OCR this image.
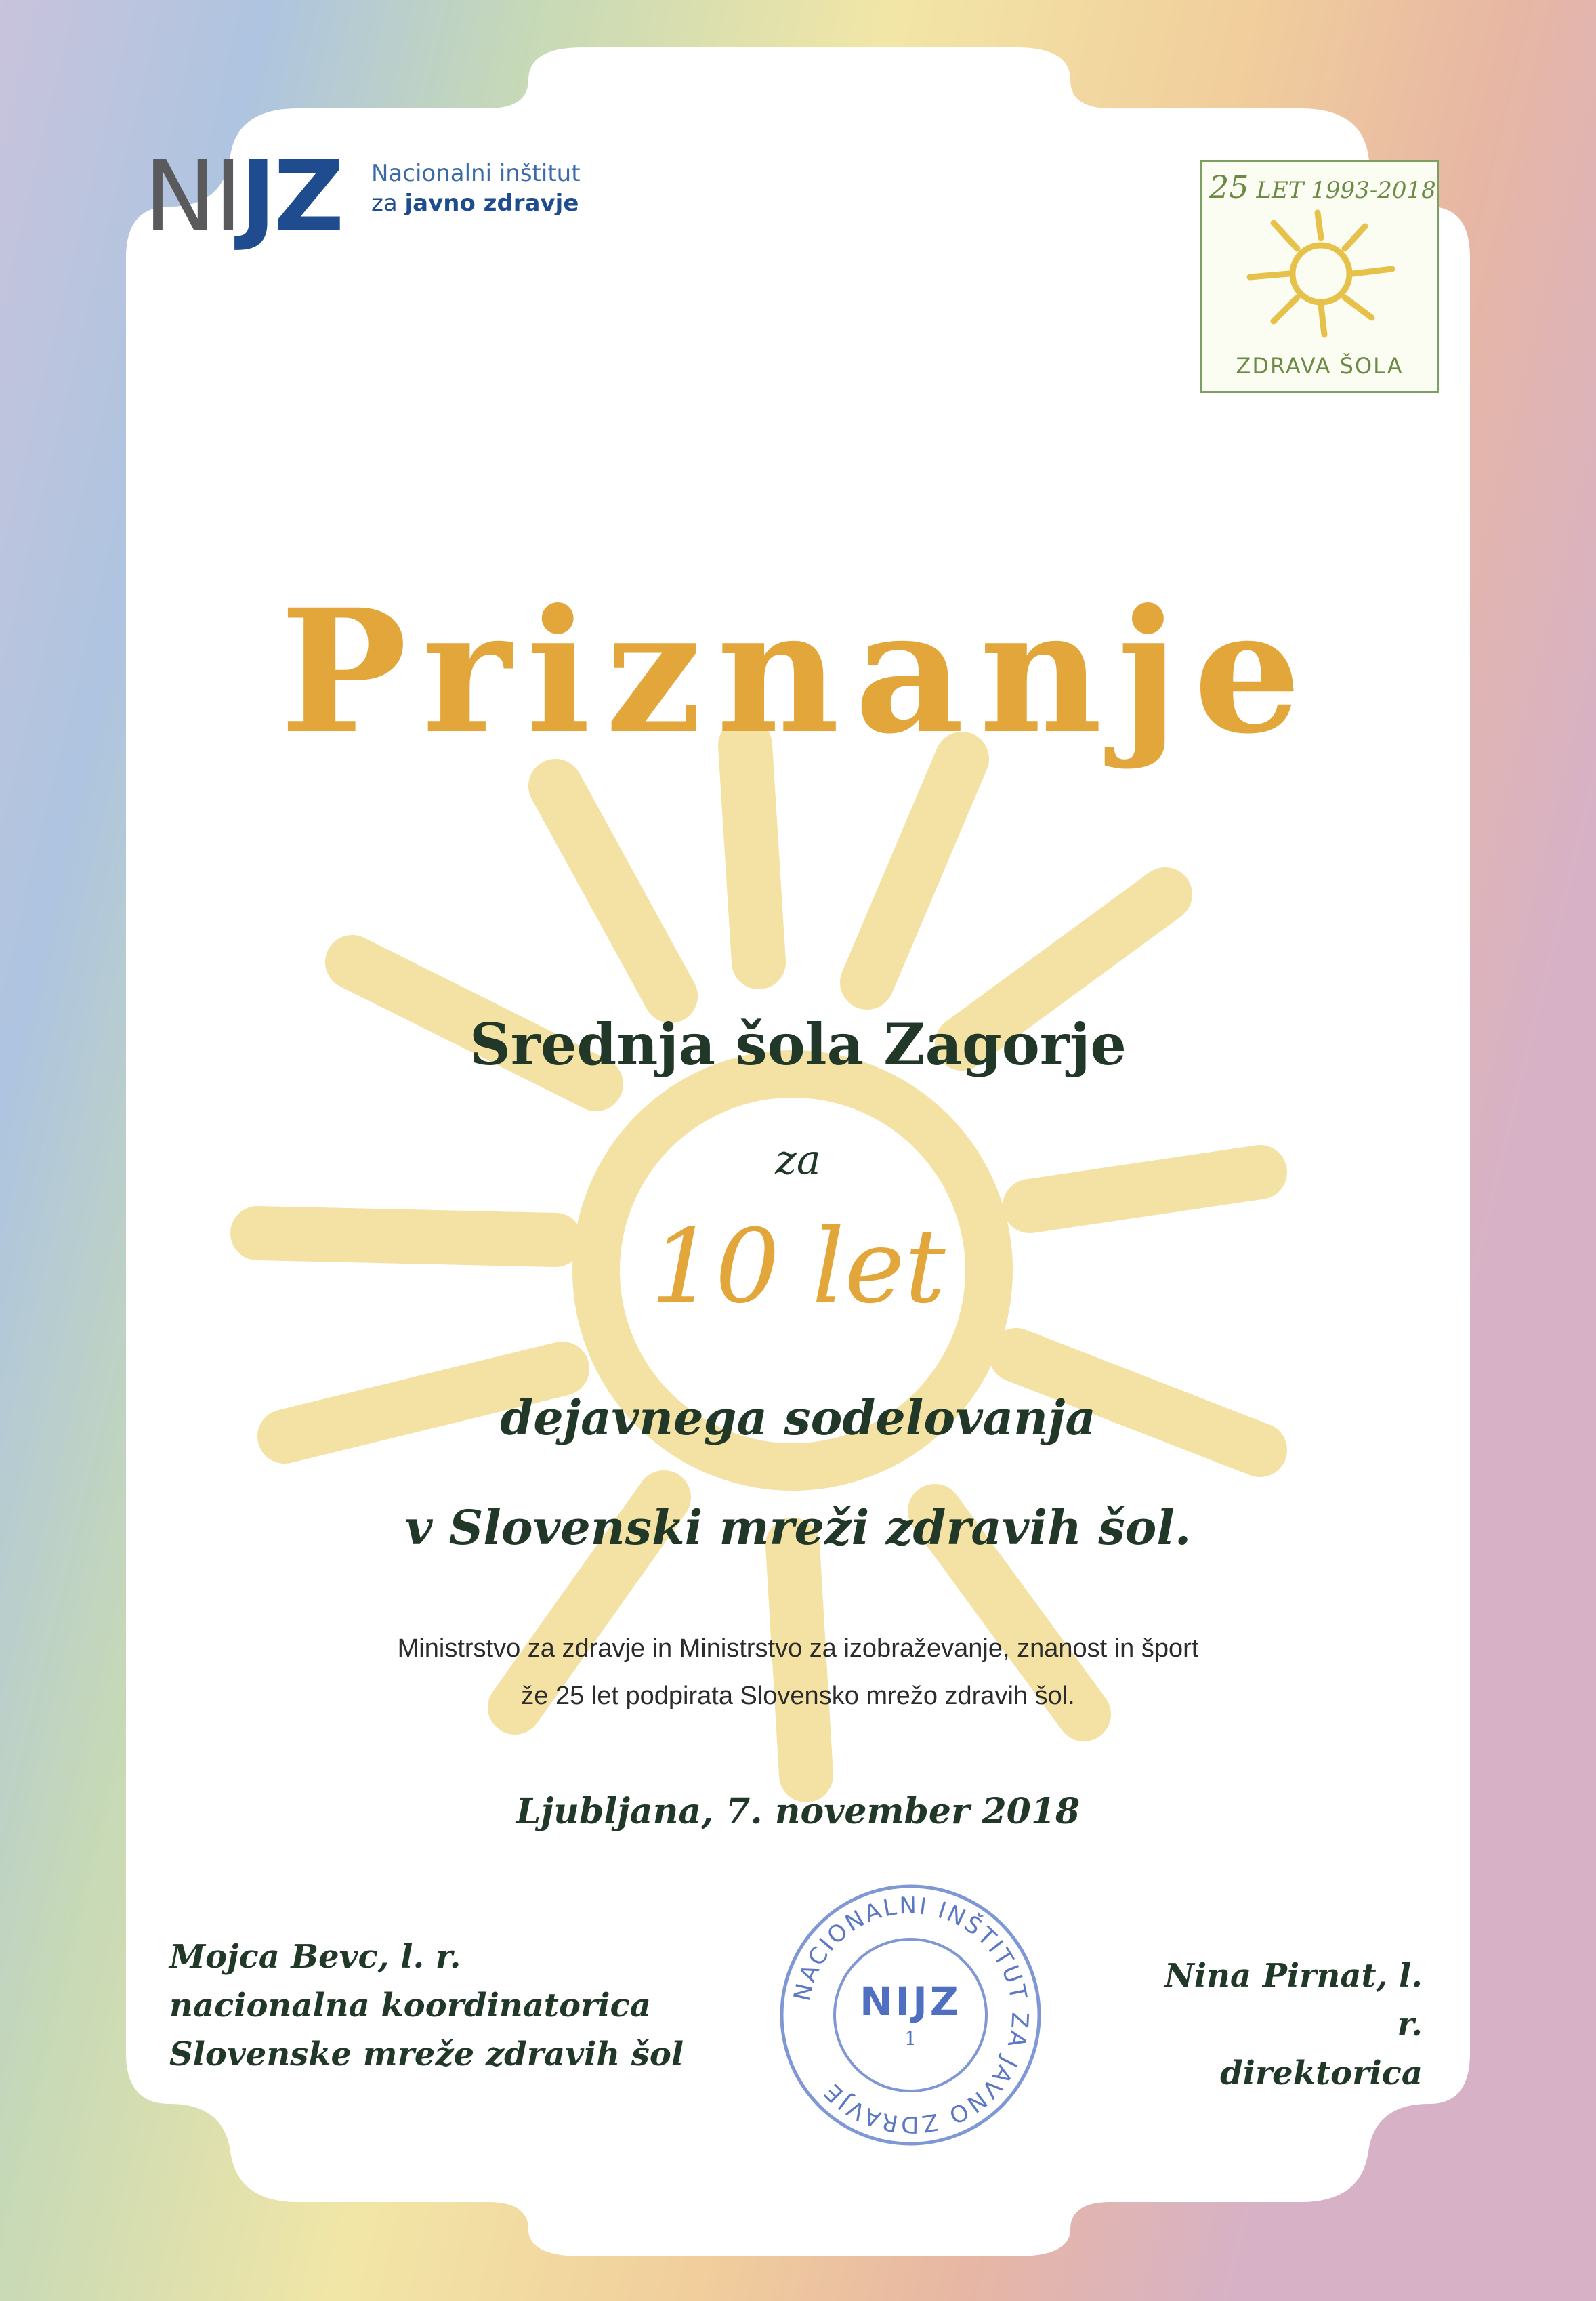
NIJZ Nacionalni inštitut
za javno zdravje	25 LET 1993-2018
ZDRAVA ŠOLA
Priznanje
Srednja šola Zagorje
za
10 let
dejavnega sodelovanja
v Slovenski mreži zdravih šol.
Ministrstvo za zdravje in Ministrstvo za izobraževanje, znanost in šport
že 25 let podpirata Slovensko mrežo zdravih šol.
Ljubljana, 7. november 2018
Mojca Bevc, l. r.
nacionalna koordinatorica
Slovenske mreže zdravih šol
Nina Pirnat, l. r.
direktorica
NACIONALNI INŠTITUT ZA JAVNO ZDRAVJE
NIJZ
1
